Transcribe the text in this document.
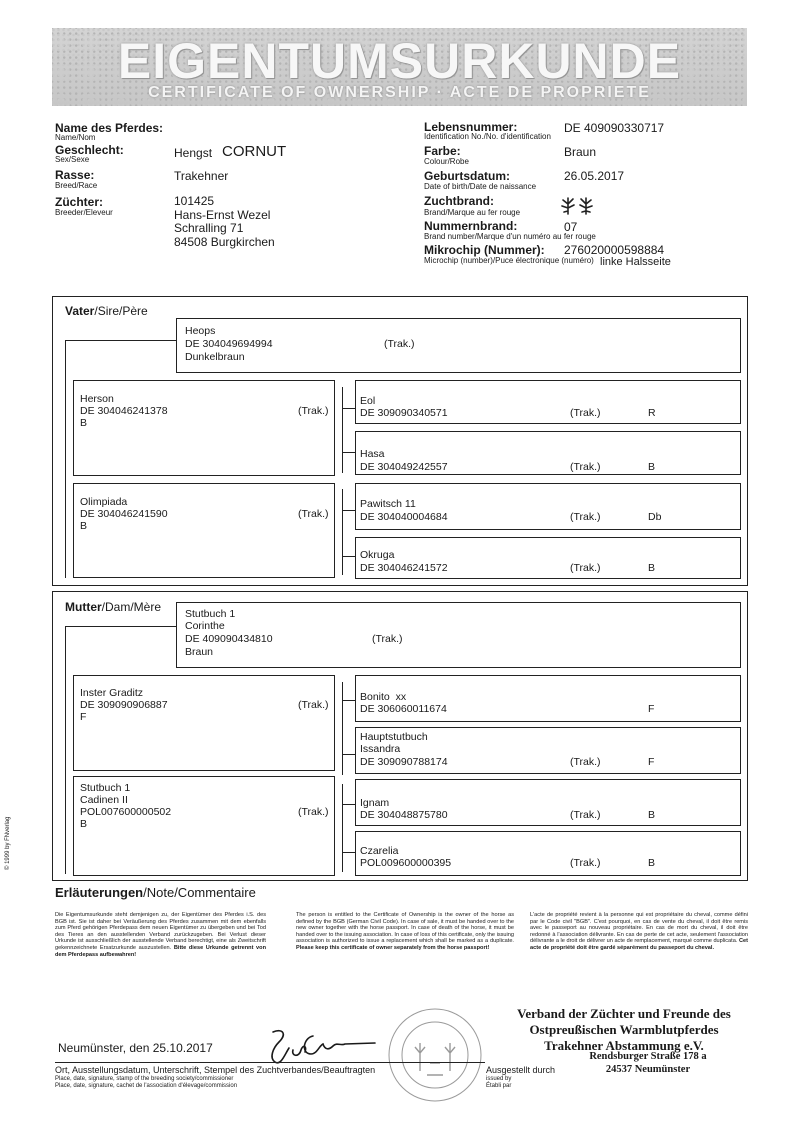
EIGENTUMSURKUNDE
CERTIFICATE OF OWNERSHIP · ACTE DE PROPRIETE
Name des Pferdes:
Name/Nom
Geschlecht:
Sex/Sexe	Hengst CORNUT
Rasse:
Breed/Race
Trakehner
Züchter:
Breeder/Eleveur
101425
Hans-Ernst Wezel
Schralling 71
84508 Burgkirchen
Lebensnummer:
Identification No./No. d'identification
DE 409090330717
Farbe:
Colour/Robe
Braun
Geburtsdatum:
Date of birth/Date de naissance
26.05.2017
Zuchtbrand:
Brand/Marque au fer rouge
Nummernbrand:
Brand number/Marque d'un numéro au fer rouge
07
Mikrochip (Nummer):
Microchip (number)/Puce électronique (numéro)
276020000598884
linke Halsseite
Vater/Sire/Père
Heops
DE 304049694994	(Trak.)
Dunkelbraun
Herson
DE 304046241378	(Trak.)
B
Olimpiada
DE 304046241590	(Trak.)
B
Eol
DE 309090340571	(Trak.)	R
Hasa
DE 304049242557	(Trak.)	B
Pawitsch 11
DE 304040004684	(Trak.)	Db
Okruga
DE 304046241572	(Trak.)	B
Mutter/Dam/Mère Stutbuch 1
Corinthe
DE 409090434810	(Trak.)
Braun
Inster Graditz
DE 309090906887	(Trak.)
F
Stutbuch 1
Cadinen II
POL007600000502	(Trak.)
B
Bonito xx
DE 306060011674	F
Hauptstutbuch
Issandra
DE 309090788174	(Trak.)	F
Ignam
DE 304048875780	(Trak.)	B
Czarelia
POL009600000395	(Trak.)	B
© 1999 by FNverlag
Erläuterungen/Note/Commentaire
Die Eigentumsurkunde steht demjenigen zu, der Eigentümer des Pferdes i.S. des BGB ist. Sie ist daher bei Veräußerung des Pferdes zusammen mit dem ebenfalls zum Pferd gehörigen Pferdepass dem neuen Eigentümer zu übergeben und bei Tod des Tieres an den ausstellenden Verband zurückzugeben. Bei Verlust dieser Urkunde ist ausschließlich der ausstellende Verband berechtigt, eine als Zweitschrift gekennzeichnete Ersatzurkunde auszustellen. Bitte diese Urkunde getrennt von dem Pferdepass aufbewahren!
The person is entitled to the Certificate of Ownership is the owner of the horse as defined by the BGB (German Civil Code). In case of sale, it must be handed over to the new owner together with the horse passport. In case of death of the horse, it must be handed over to the issuing association. In case of loss of this certificate, only the issuing association is authorized to issue a replacement which shall be marked as a duplicate. Please keep this certificate of owner separately from the horse passport!
L'acte de propriété revient à la personne qui est propriétaire du cheval, comme défini par le Code civil "BGB". C'est pourquoi, en cas de vente du cheval, il doit être remis avec le passeport au nouveau propriétaire. En cas de mort du cheval, il doit être redonné à l'association délivrante. En cas de perte de cet acte, seulement l'association délivrante a le droit de délivrer un acte de remplacement, marqué comme duplicata. Cet acte de propriété doit être gardé séparément du passeport du cheval.
Verband der Züchter und Freunde des
Ostpreußischen Warmblutpferdes
Trakehner Abstammung e.V.
Rendsburger Straße 178 a
24537 Neumünster
Neumünster, den 25.10.2017
Ort, Ausstellungsdatum, Unterschrift, Stempel des Zuchtverbandes/Beauftragten
Place, date, signature, stamp of the breeding society/commissioner
Place, date, signature, cachet de l'association d'élevage/commission
Ausgestellt durch
issued by
Établi par
